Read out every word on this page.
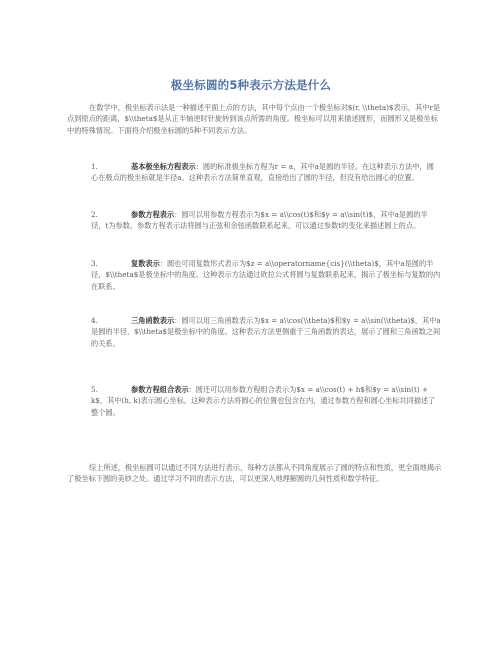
极坐标圆的5种表示方法是什么

在数学中，极坐标表示法是一种描述平面上点的方法，其中每个点由一个极坐标对$(r, \\theta)$表示，其中r是点到原点的距离，$\\theta$是从正半轴逆时针旋转到该点所需的角度。极坐标可以用来描述圆形，而圆形又是极坐标中的特殊情况。下面将介绍极坐标圆的5种不同表示方法。

1.	基本极坐标方程表示：圆的标准极坐标方程为r = a，其中a是圆的半径。在这种表示方法中，圆心在极点的极坐标就是半径a。这种表示方法简单直观，直接给出了圆的半径，但没有给出圆心的位置。

2.	参数方程表示：圆可以用参数方程表示为$x = a\\cos(t)$和$y = a\\sin(t)$，其中a是圆的半径，t为参数。参数方程表示法将圆与正弦和余弦函数联系起来，可以通过参数t的变化来描述圆上的点。

3.	复数表示：圆也可用复数形式表示为$z = a\\operatorname{cis}(\\theta)$，其中a是圆的半径，$\\theta$是极坐标中的角度。这种表示方法通过欧拉公式将圆与复数联系起来，揭示了极坐标与复数的内在联系。

4.	三角函数表示：圆可以用三角函数表示为$x = a\\cos(\\theta)$和$y = a\\sin(\\theta)$，其中a是圆的半径，$\\theta$是极坐标中的角度。这种表示方法更侧重于三角函数的表达，展示了圆和三角函数之间的关系。

5.	参数方程组合表示：圆还可以用参数方程组合表示为$x = a\\cos(t) + h$和$y = a\\sin(t) + k$，其中(h, k)表示圆心坐标。这种表示方法将圆心的位置也包含在内，通过参数方程和圆心坐标共同描述了整个圆。

综上所述，极坐标圆可以通过不同方法进行表示，每种方法都从不同角度展示了圆的特点和性质，更全面地揭示了极坐标下圆的美妙之处。通过学习不同的表示方法，可以更深入地理解圆的几何性质和数学特征。
